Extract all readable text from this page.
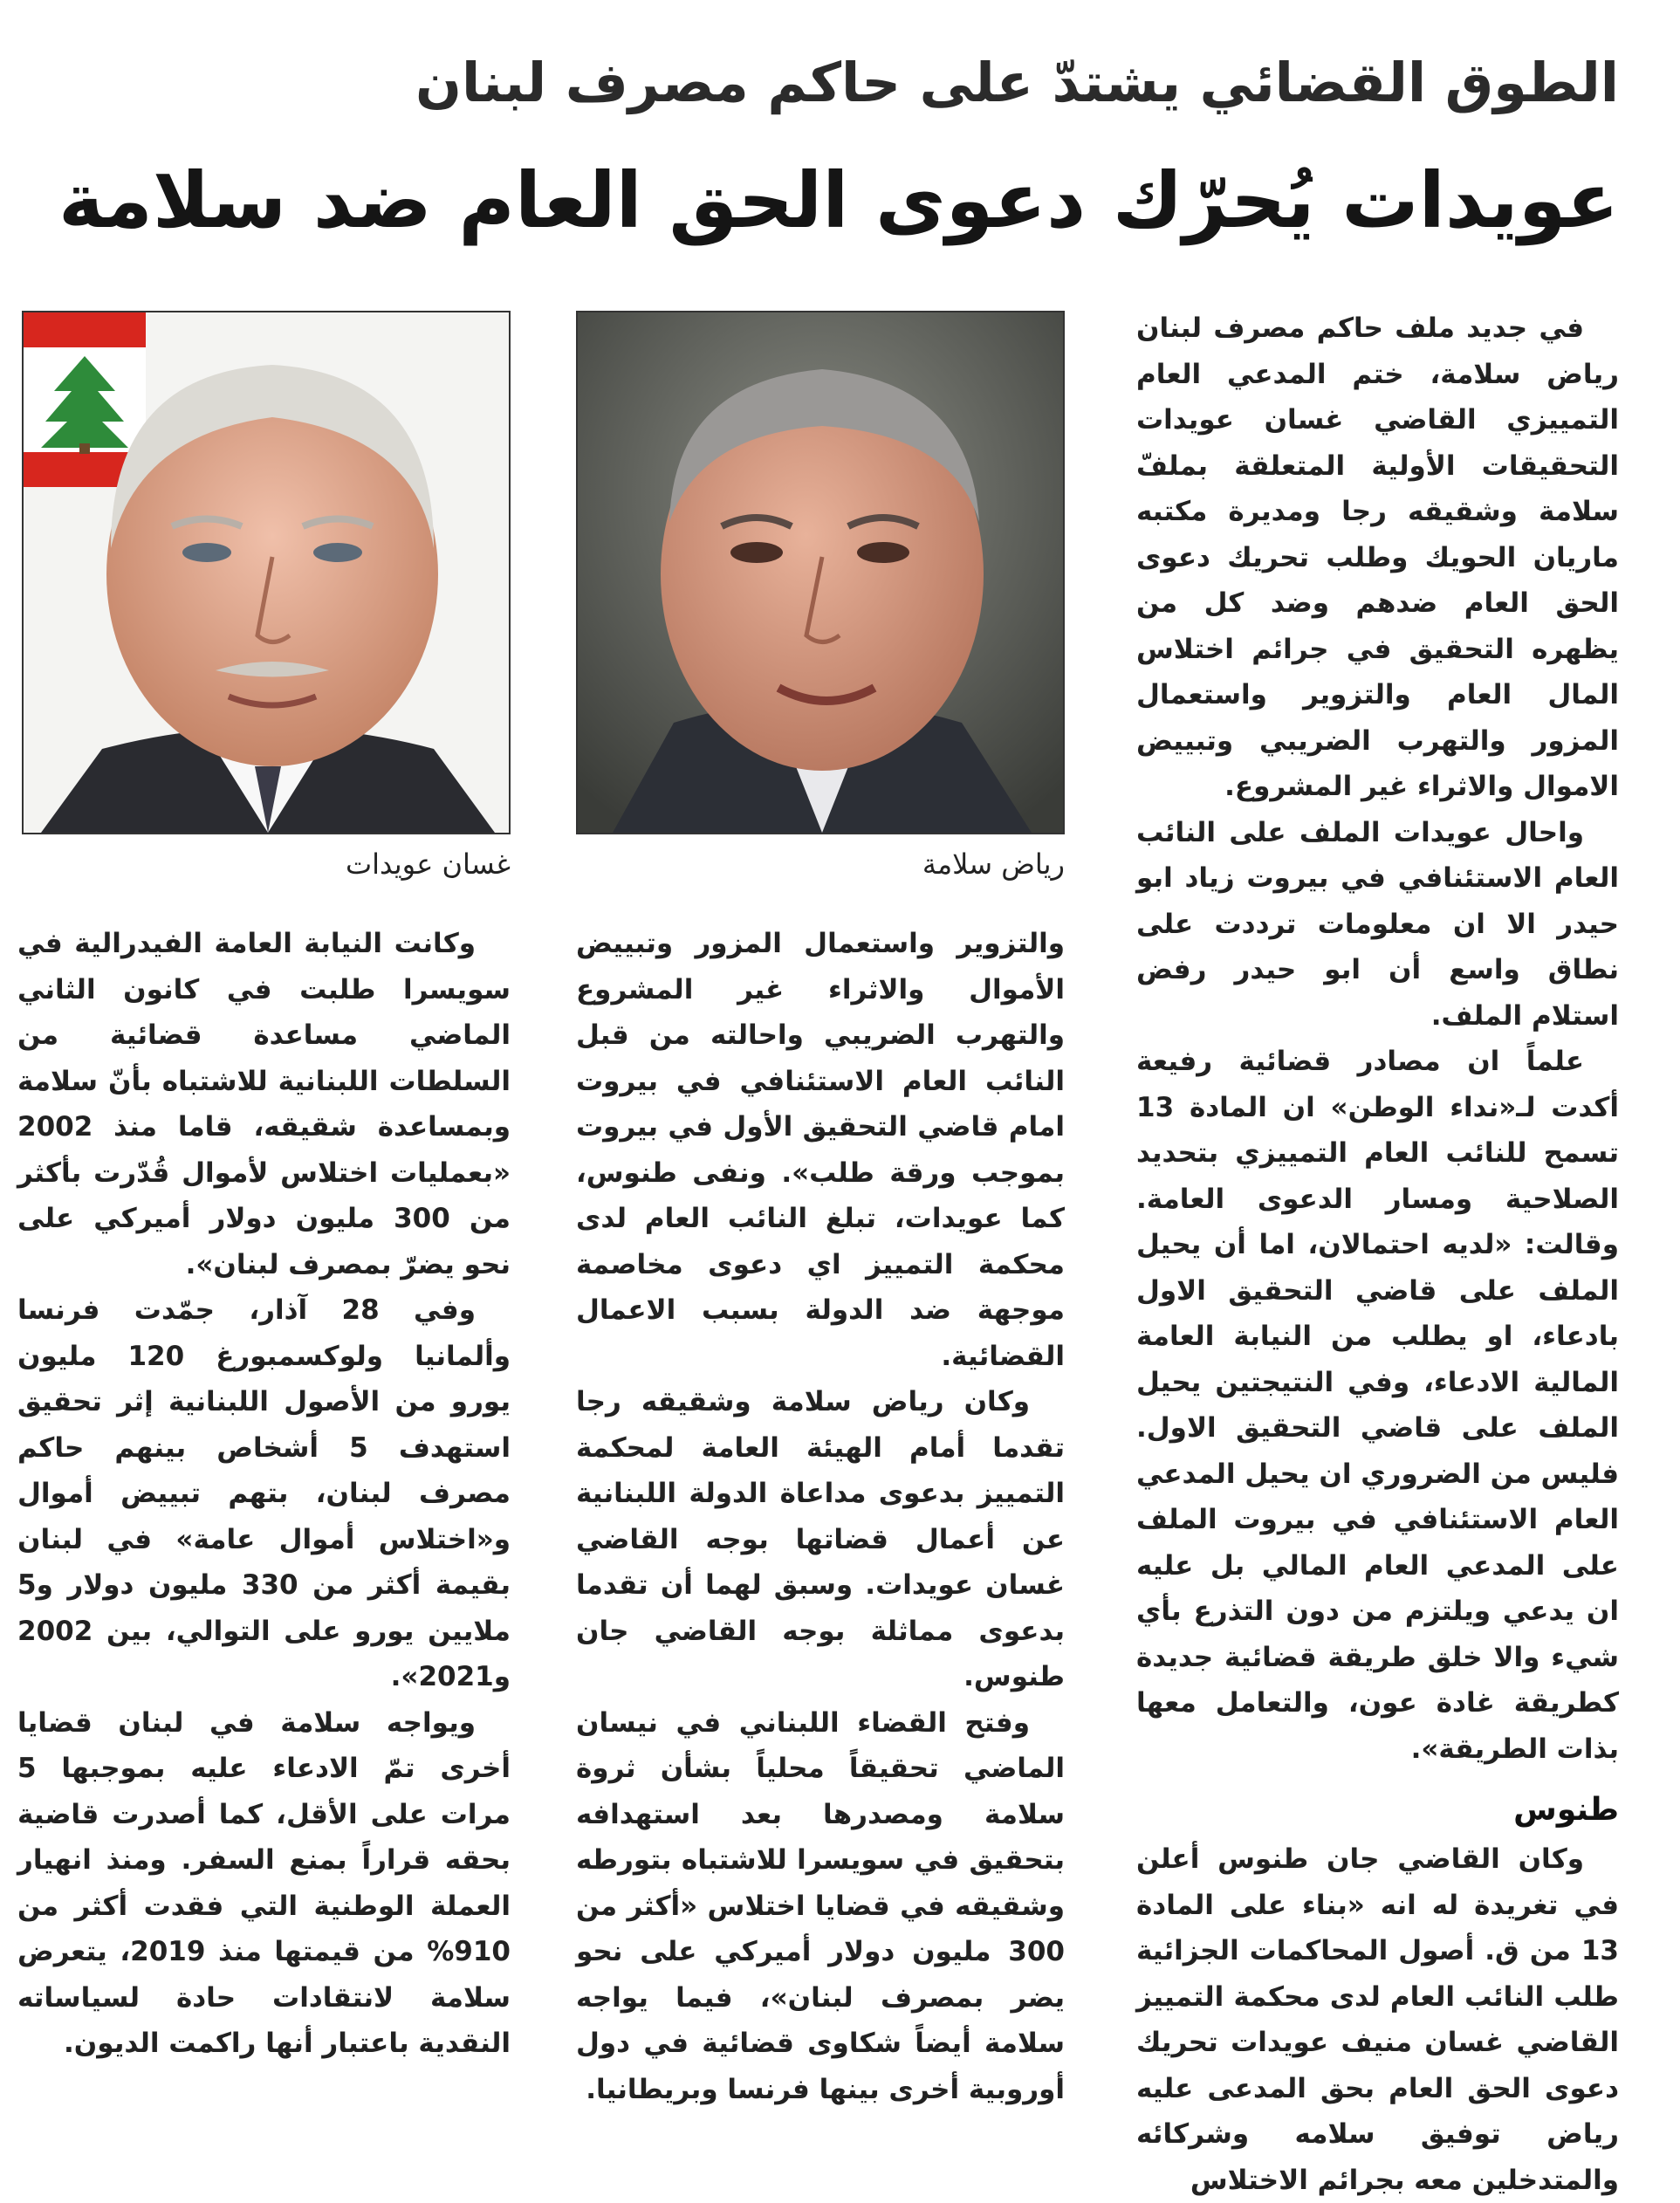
الطوق القضائي يشتدّ على حاكم مصرف لبنان
عويدات يُحرّك دعوى الحق العام ضد سلامة

في جديد ملف حاكم مصرف لبنان رياض سلامة، ختم المدعي العام التمييزي القاضي غسان عويدات التحقيقات الأولية المتعلقة بملفّ سلامة وشقيقه رجا ومديرة مكتبه ماريان الحويك وطلب تحريك دعوى الحق العام ضدهم وضد كل من يظهره التحقيق في جرائم اختلاس المال العام والتزوير واستعمال المزور والتهرب الضريبي وتبييض الاموال والاثراء غير المشروع.

واحال عويدات الملف على النائب العام الاستئنافي في بيروت زياد ابو حيدر الا ان معلومات ترددت على نطاق واسع أن ابو حيدر رفض استلام الملف.

علماً ان مصادر قضائية رفيعة أكدت لـ«نداء الوطن» ان المادة 13 تسمح للنائب العام التمييزي بتحديد الصلاحية ومسار الدعوى العامة. وقالت: «لديه احتمالان، اما أن يحيل الملف على قاضي التحقيق الاول بادعاء، او يطلب من النيابة العامة المالية الادعاء، وفي النتيجتين يحيل الملف على قاضي التحقيق الاول. فليس من الضروري ان يحيل المدعي العام الاستئنافي في بيروت الملف على المدعي العام المالي بل عليه ان يدعي ويلتزم من دون التذرع بأي شيء والا خلق طريقة قضائية جديدة كطريقة غادة عون، والتعامل معها بذات الطريقة».

طنوس

وكان القاضي جان طنوس أعلن في تغريدة له انه «بناء على المادة 13 من ق. أصول المحاكمات الجزائية طلب النائب العام لدى محكمة التمييز القاضي غسان منيف عويدات تحريك دعوى الحق العام بحق المدعى عليه رياض توفيق سلامه وشركائه والمتدخلين معه بجرائم الاختلاس

رياض سلامة
غسان عويدات

والتزوير واستعمال المزور وتبييض الأموال والاثراء غير المشروع والتهرب الضريبي واحالته من قبل النائب العام الاستئنافي في بيروت امام قاضي التحقيق الأول في بيروت بموجب ورقة طلب». ونفى طنوس، كما عويدات، تبلغ النائب العام لدى محكمة التمييز اي دعوى مخاصمة موجهة ضد الدولة بسبب الاعمال القضائية.

وكان رياض سلامة وشقيقه رجا تقدما أمام الهيئة العامة لمحكمة التمييز بدعوى مداعاة الدولة اللبنانية عن أعمال قضاتها بوجه القاضي غسان عويدات. وسبق لهما أن تقدما بدعوى مماثلة بوجه القاضي جان طنوس.

وفتح القضاء اللبناني في نيسان الماضي تحقيقاً محلياً بشأن ثروة سلامة ومصدرها بعد استهدافه بتحقيق في سويسرا للاشتباه بتورطه وشقيقه في قضايا اختلاس «أكثر من 300 مليون دولار أميركي على نحو يضر بمصرف لبنان»، فيما يواجه سلامة أيضاً شكاوى قضائية في دول أوروبية أخرى بينها فرنسا وبريطانيا.

وكانت النيابة العامة الفيدرالية في سويسرا طلبت في كانون الثاني الماضي مساعدة قضائية من السلطات اللبنانية للاشتباه بأنّ سلامة وبمساعدة شقيقه، قاما منذ 2002 «بعمليات اختلاس لأموال قُدّرت بأكثر من 300 مليون دولار أميركي على نحو يضرّ بمصرف لبنان».

وفي 28 آذار، جمّدت فرنسا وألمانيا ولوكسمبورغ 120 مليون يورو من الأصول اللبنانية إثر تحقيق استهدف 5 أشخاص بينهم حاكم مصرف لبنان، بتهم تبييض أموال و«اختلاس أموال عامة» في لبنان بقيمة أكثر من 330 مليون دولار و5 ملايين يورو على التوالي، بين 2002 و2021».

ويواجه سلامة في لبنان قضايا أخرى تمّ الادعاء عليه بموجبها 5 مرات على الأقل، كما أصدرت قاضية بحقه قراراً بمنع السفر. ومنذ انهيار العملة الوطنية التي فقدت أكثر من 910% من قيمتها منذ 2019، يتعرض سلامة لانتقادات حادة لسياساته النقدية باعتبار أنها راكمت الديون.
